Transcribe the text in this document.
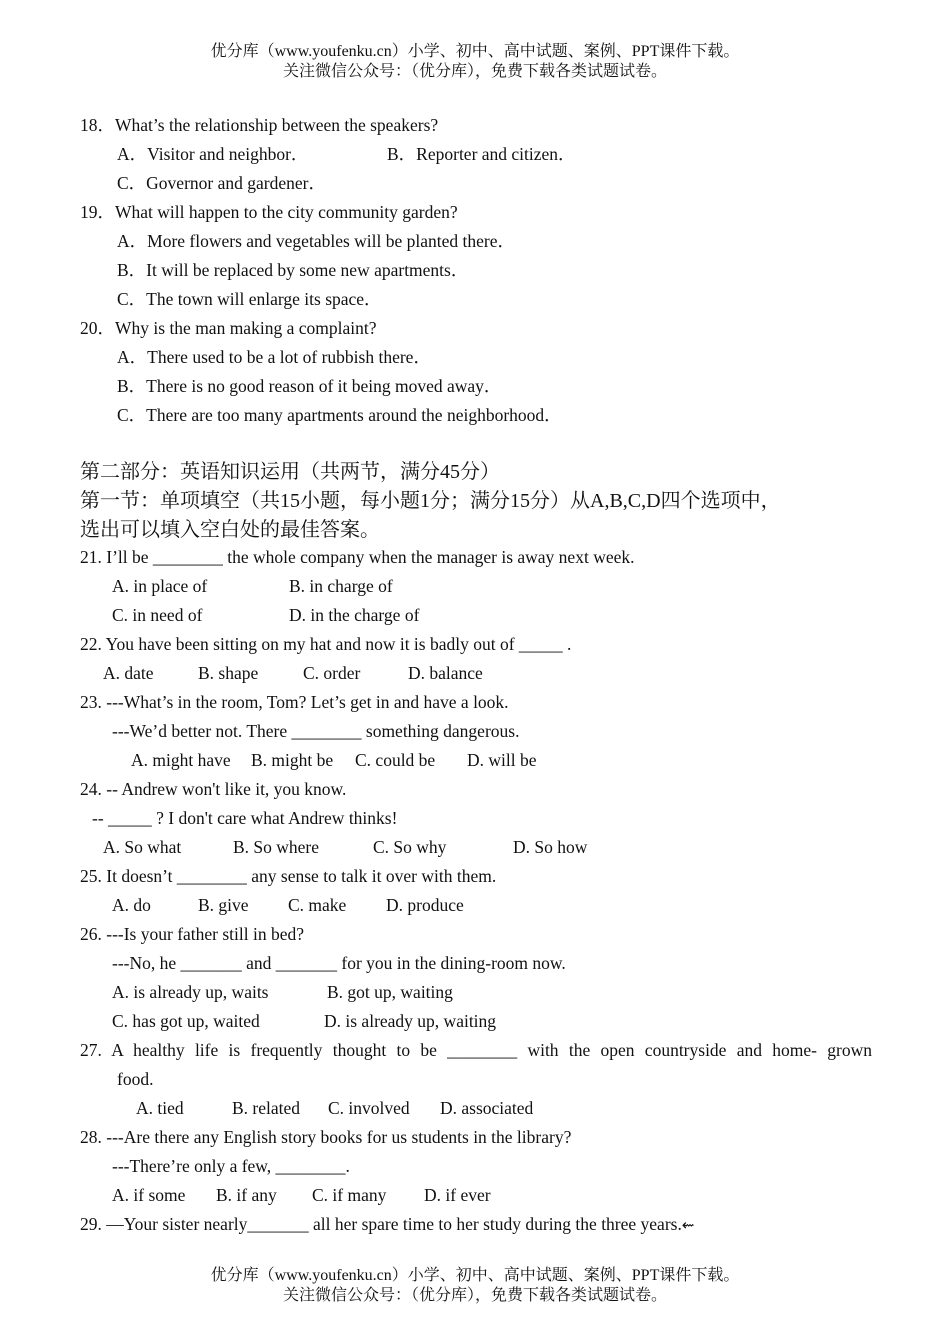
优分库（www.youfenku.cn）小学、初中、高中试题、案例、PPT课件下载。
关注微信公众号：（优分库），免费下载各类试题试卷。
18．What’s the relationship between the speakers?
A．Visitor and neighbor．	B．Reporter and citizen．
C．Governor and gardener．
19．What will happen to the city community garden?
A．More flowers and vegetables will be planted there．
B．It will be replaced by some new apartments．
C．The town will enlarge its space．
20．Why is the man making a complaint?
A．There used to be a lot of rubbish there．
B．There is no good reason of it being moved away．
C．There are too many apartments around the neighborhood．
第二部分：英语知识运用（共两节，满分45分）
第一节：单项填空（共15小题，每小题1分；满分15分）从A,B,C,D四个选项中，
选出可以填入空白处的最佳答案。
21. I’ll be ________ the whole company when the manager is away next week.
A. in place of	B. in charge of
C. in need of	D. in the charge of
22. You have been sitting on my hat and now it is badly out of _____ .
A. date	B. shape	C. order	D. balance
23. ---What’s in the room, Tom? Let’s get in and have a look.
---We’d better not. There ________ something dangerous.
A. might have B. might be C. could be D. will be
24. -- Andrew won't like it, you know.
-- _____ ? I don't care what Andrew thinks!
A. So what	B. So where	C. So why	D. So how
25. It doesn’t ________ any sense to talk it over with them.
A. do	B. give C. make D. produce
26. ---Is your father still in bed?
---No, he _______ and _______ for you in the dining-room now.
A. is already up, waits	B. got up, waiting
C. has got up, waited	D. is already up, waiting
27. A healthy life is frequently thought to be ________ with the open countryside and home- grown
food.
A. tied	B. related C. involved D. associated
28. ---Are there any English story books for us students in the library?
---There’re only a few, ________.
A. if some B. if any C. if many D. if ever
29. —Your sister nearly_______ all her spare time to her study during the three years.⇜
优分库（www.youfenku.cn）小学、初中、高中试题、案例、PPT课件下载。
关注微信公众号：（优分库），免费下载各类试题试卷。
